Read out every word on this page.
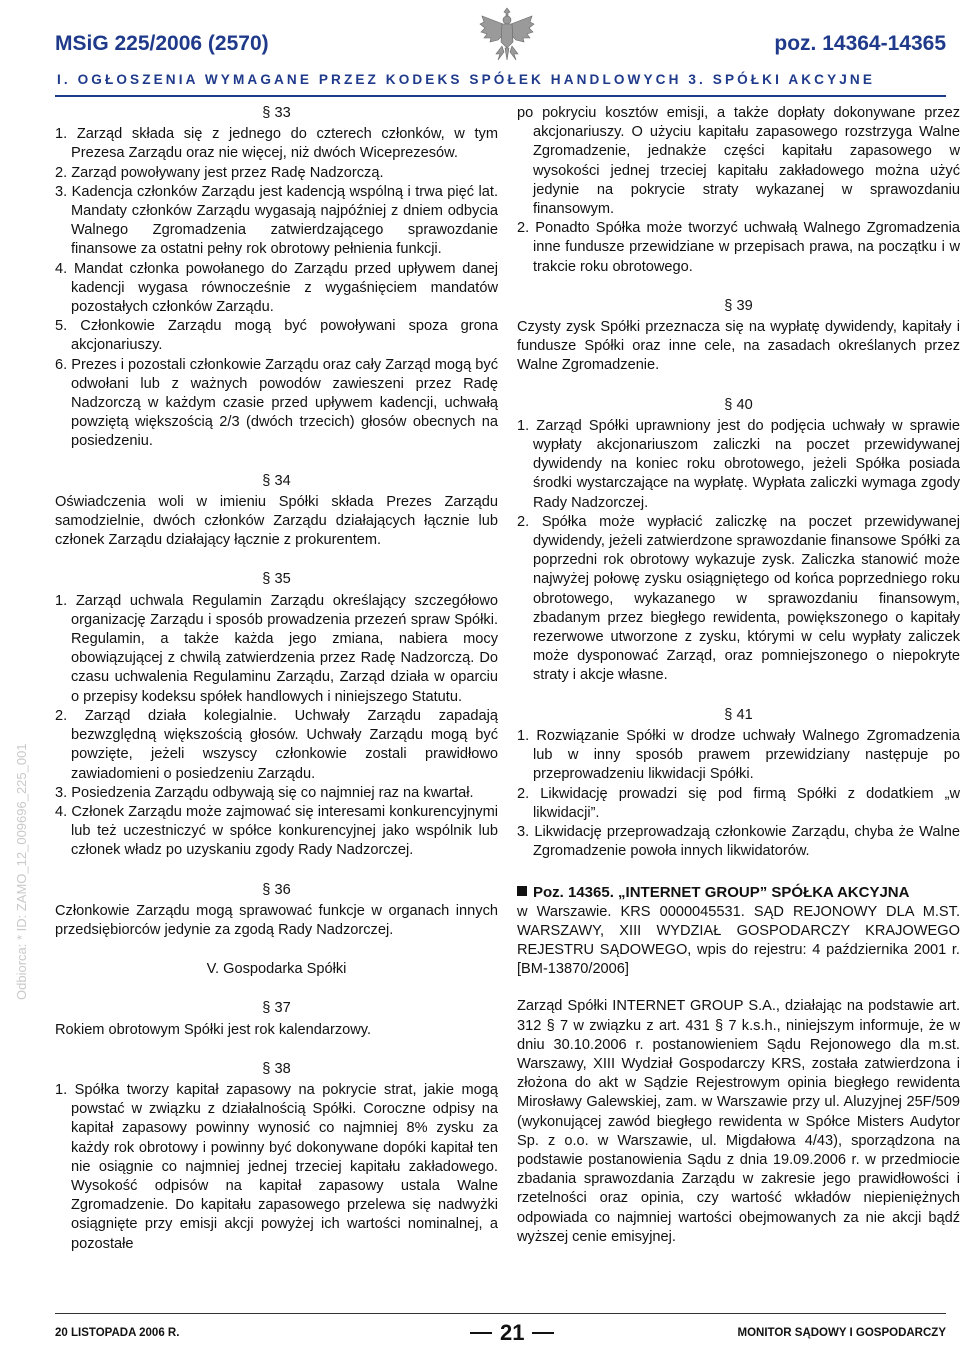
MSiG 225/2006 (2570)	poz. 14364-14365
I. OGŁOSZENIA WYMAGANE PRZEZ KODEKS SPÓŁEK HANDLOWYCH 3. SPÓŁKI AKCYJNE
Odbiorca: * ID: ZAMO_12_009696_225_001
§ 33
1. Zarząd składa się z jednego do czterech członków, w tym Prezesa Zarządu oraz nie więcej, niż dwóch Wiceprezesów.
2. Zarząd powoływany jest przez Radę Nadzorczą.
3. Kadencja członków Zarządu jest kadencją wspólną i trwa pięć lat. Mandaty członków Zarządu wygasają najpóźniej z dniem odbycia Walnego Zgromadzenia zatwierdzającego sprawozdanie finansowe za ostatni pełny rok obrotowy pełnienia funkcji.
4. Mandat członka powołanego do Zarządu przed upływem danej kadencji wygasa równocześnie z wygaśnięciem mandatów pozostałych członków Zarządu.
5. Członkowie Zarządu mogą być powoływani spoza grona akcjonariuszy.
6. Prezes i pozostali członkowie Zarządu oraz cały Zarząd mogą być odwołani lub z ważnych powodów zawieszeni przez Radę Nadzorczą w każdym czasie przed upływem kadencji, uchwałą powziętą większością 2/3 (dwóch trzecich) głosów obecnych na posiedzeniu.
§ 34
Oświadczenia woli w imieniu Spółki składa Prezes Zarządu samodzielnie, dwóch członków Zarządu działających łącznie lub członek Zarządu działający łącznie z prokurentem.
§ 35
1. Zarząd uchwala Regulamin Zarządu określający szczegółowo organizację Zarządu i sposób prowadzenia przezeń spraw Spółki. Regulamin, a także każda jego zmiana, nabiera mocy obowiązującej z chwilą zatwierdzenia przez Radę Nadzorczą. Do czasu uchwalenia Regulaminu Zarządu, Zarząd działa w oparciu o przepisy kodeksu spółek handlowych i niniejszego Statutu.
2. Zarząd działa kolegialnie. Uchwały Zarządu zapadają bezwzględną większością głosów. Uchwały Zarządu mogą być powzięte, jeżeli wszyscy członkowie zostali prawidłowo zawiadomieni o posiedzeniu Zarządu.
3. Posiedzenia Zarządu odbywają się co najmniej raz na kwartał.
4. Członek Zarządu może zajmować się interesami konkurencyjnymi lub też uczestniczyć w spółce konkurencyjnej jako wspólnik lub członek władz po uzyskaniu zgody Rady Nadzorczej.
§ 36
Członkowie Zarządu mogą sprawować funkcje w organach innych przedsiębiorców jedynie za zgodą Rady Nadzorczej.
V. Gospodarka Spółki
§ 37
Rokiem obrotowym Spółki jest rok kalendarzowy.
§ 38
1. Spółka tworzy kapitał zapasowy na pokrycie strat, jakie mogą powstać w związku z działalnością Spółki. Coroczne odpisy na kapitał zapasowy powinny wynosić co najmniej 8% zysku za każdy rok obrotowy i powinny być dokonywane dopóki kapitał ten nie osiągnie co najmniej jednej trzeciej kapitału zakładowego. Wysokość odpisów na kapitał zapasowy ustala Walne Zgromadzenie. Do kapitału zapasowego przelewa się nadwyżki osiągnięte przy emisji akcji powyżej ich wartości nominalnej, a pozostałe
po pokryciu kosztów emisji, a także dopłaty dokonywane przez akcjonariuszy. O użyciu kapitału zapasowego rozstrzyga Walne Zgromadzenie, jednakże części kapitału zapasowego w wysokości jednej trzeciej kapitału zakładowego można użyć jedynie na pokrycie straty wykazanej w sprawozdaniu finansowym.
2. Ponadto Spółka może tworzyć uchwałą Walnego Zgromadzenia inne fundusze przewidziane w przepisach prawa, na początku i w trakcie roku obrotowego.
§ 39
Czysty zysk Spółki przeznacza się na wypłatę dywidendy, kapitały i fundusze Spółki oraz inne cele, na zasadach określanych przez Walne Zgromadzenie.
§ 40
1. Zarząd Spółki uprawniony jest do podjęcia uchwały w sprawie wypłaty akcjonariuszom zaliczki na poczet przewidywanej dywidendy na koniec roku obrotowego, jeżeli Spółka posiada środki wystarczające na wypłatę. Wypłata zaliczki wymaga zgody Rady Nadzorczej.
2. Spółka może wypłacić zaliczkę na poczet przewidywanej dywidendy, jeżeli zatwierdzone sprawozdanie finansowe Spółki za poprzedni rok obrotowy wykazuje zysk. Zaliczka stanowić może najwyżej połowę zysku osiągniętego od końca poprzedniego roku obrotowego, wykazanego w sprawozdaniu finansowym, zbadanym przez biegłego rewidenta, powiększonego o kapitały rezerwowe utworzone z zysku, którymi w celu wypłaty zaliczek może dysponować Zarząd, oraz pomniejszonego o niepokryte straty i akcje własne.
§ 41
1. Rozwiązanie Spółki w drodze uchwały Walnego Zgromadzenia lub w inny sposób prawem przewidziany następuje po przeprowadzeniu likwidacji Spółki.
2. Likwidację prowadzi się pod firmą Spółki z dodatkiem „w likwidacji”.
3. Likwidację przeprowadzają członkowie Zarządu, chyba że Walne Zgromadzenie powoła innych likwidatorów.
Poz. 14365. „INTERNET GROUP” SPÓŁKA AKCYJNA
w Warszawie. KRS 0000045531. SĄD REJONOWY DLA M.ST. WARSZAWY, XIII WYDZIAŁ GOSPODARCZY KRAJOWEGO REJESTRU SĄDOWEGO, wpis do rejestru: 4 października 2001 r. [BM-13870/2006]
Zarząd Spółki INTERNET GROUP S.A., działając na podstawie art. 312 § 7 w związku z art. 431 § 7 k.s.h., niniejszym informuje, że w dniu 30.10.2006 r. postanowieniem Sądu Rejonowego dla m.st. Warszawy, XIII Wydział Gospodarczy KRS, została zatwierdzona i złożona do akt w Sądzie Rejestrowym opinia biegłego rewidenta Mirosławy Galewskiej, zam. w Warszawie przy ul. Aluzyjnej 25F/509 (wykonującej zawód biegłego rewidenta w Spółce Misters Audytor Sp. z o.o. w Warszawie, ul. Migdałowa 4/43), sporządzona na podstawie postanowienia Sądu z dnia 19.09.2006 r. w przedmiocie zbadania sprawozdania Zarządu w zakresie jego prawidłowości i rzetelności oraz opinia, czy wartość wkładów niepieniężnych odpowiada co najmniej wartości obejmowanych za nie akcji bądź wyższej cenie emisyjnej.
20 LISTOPADA 2006 R.	21	MONITOR SĄDOWY I GOSPODARCZY
